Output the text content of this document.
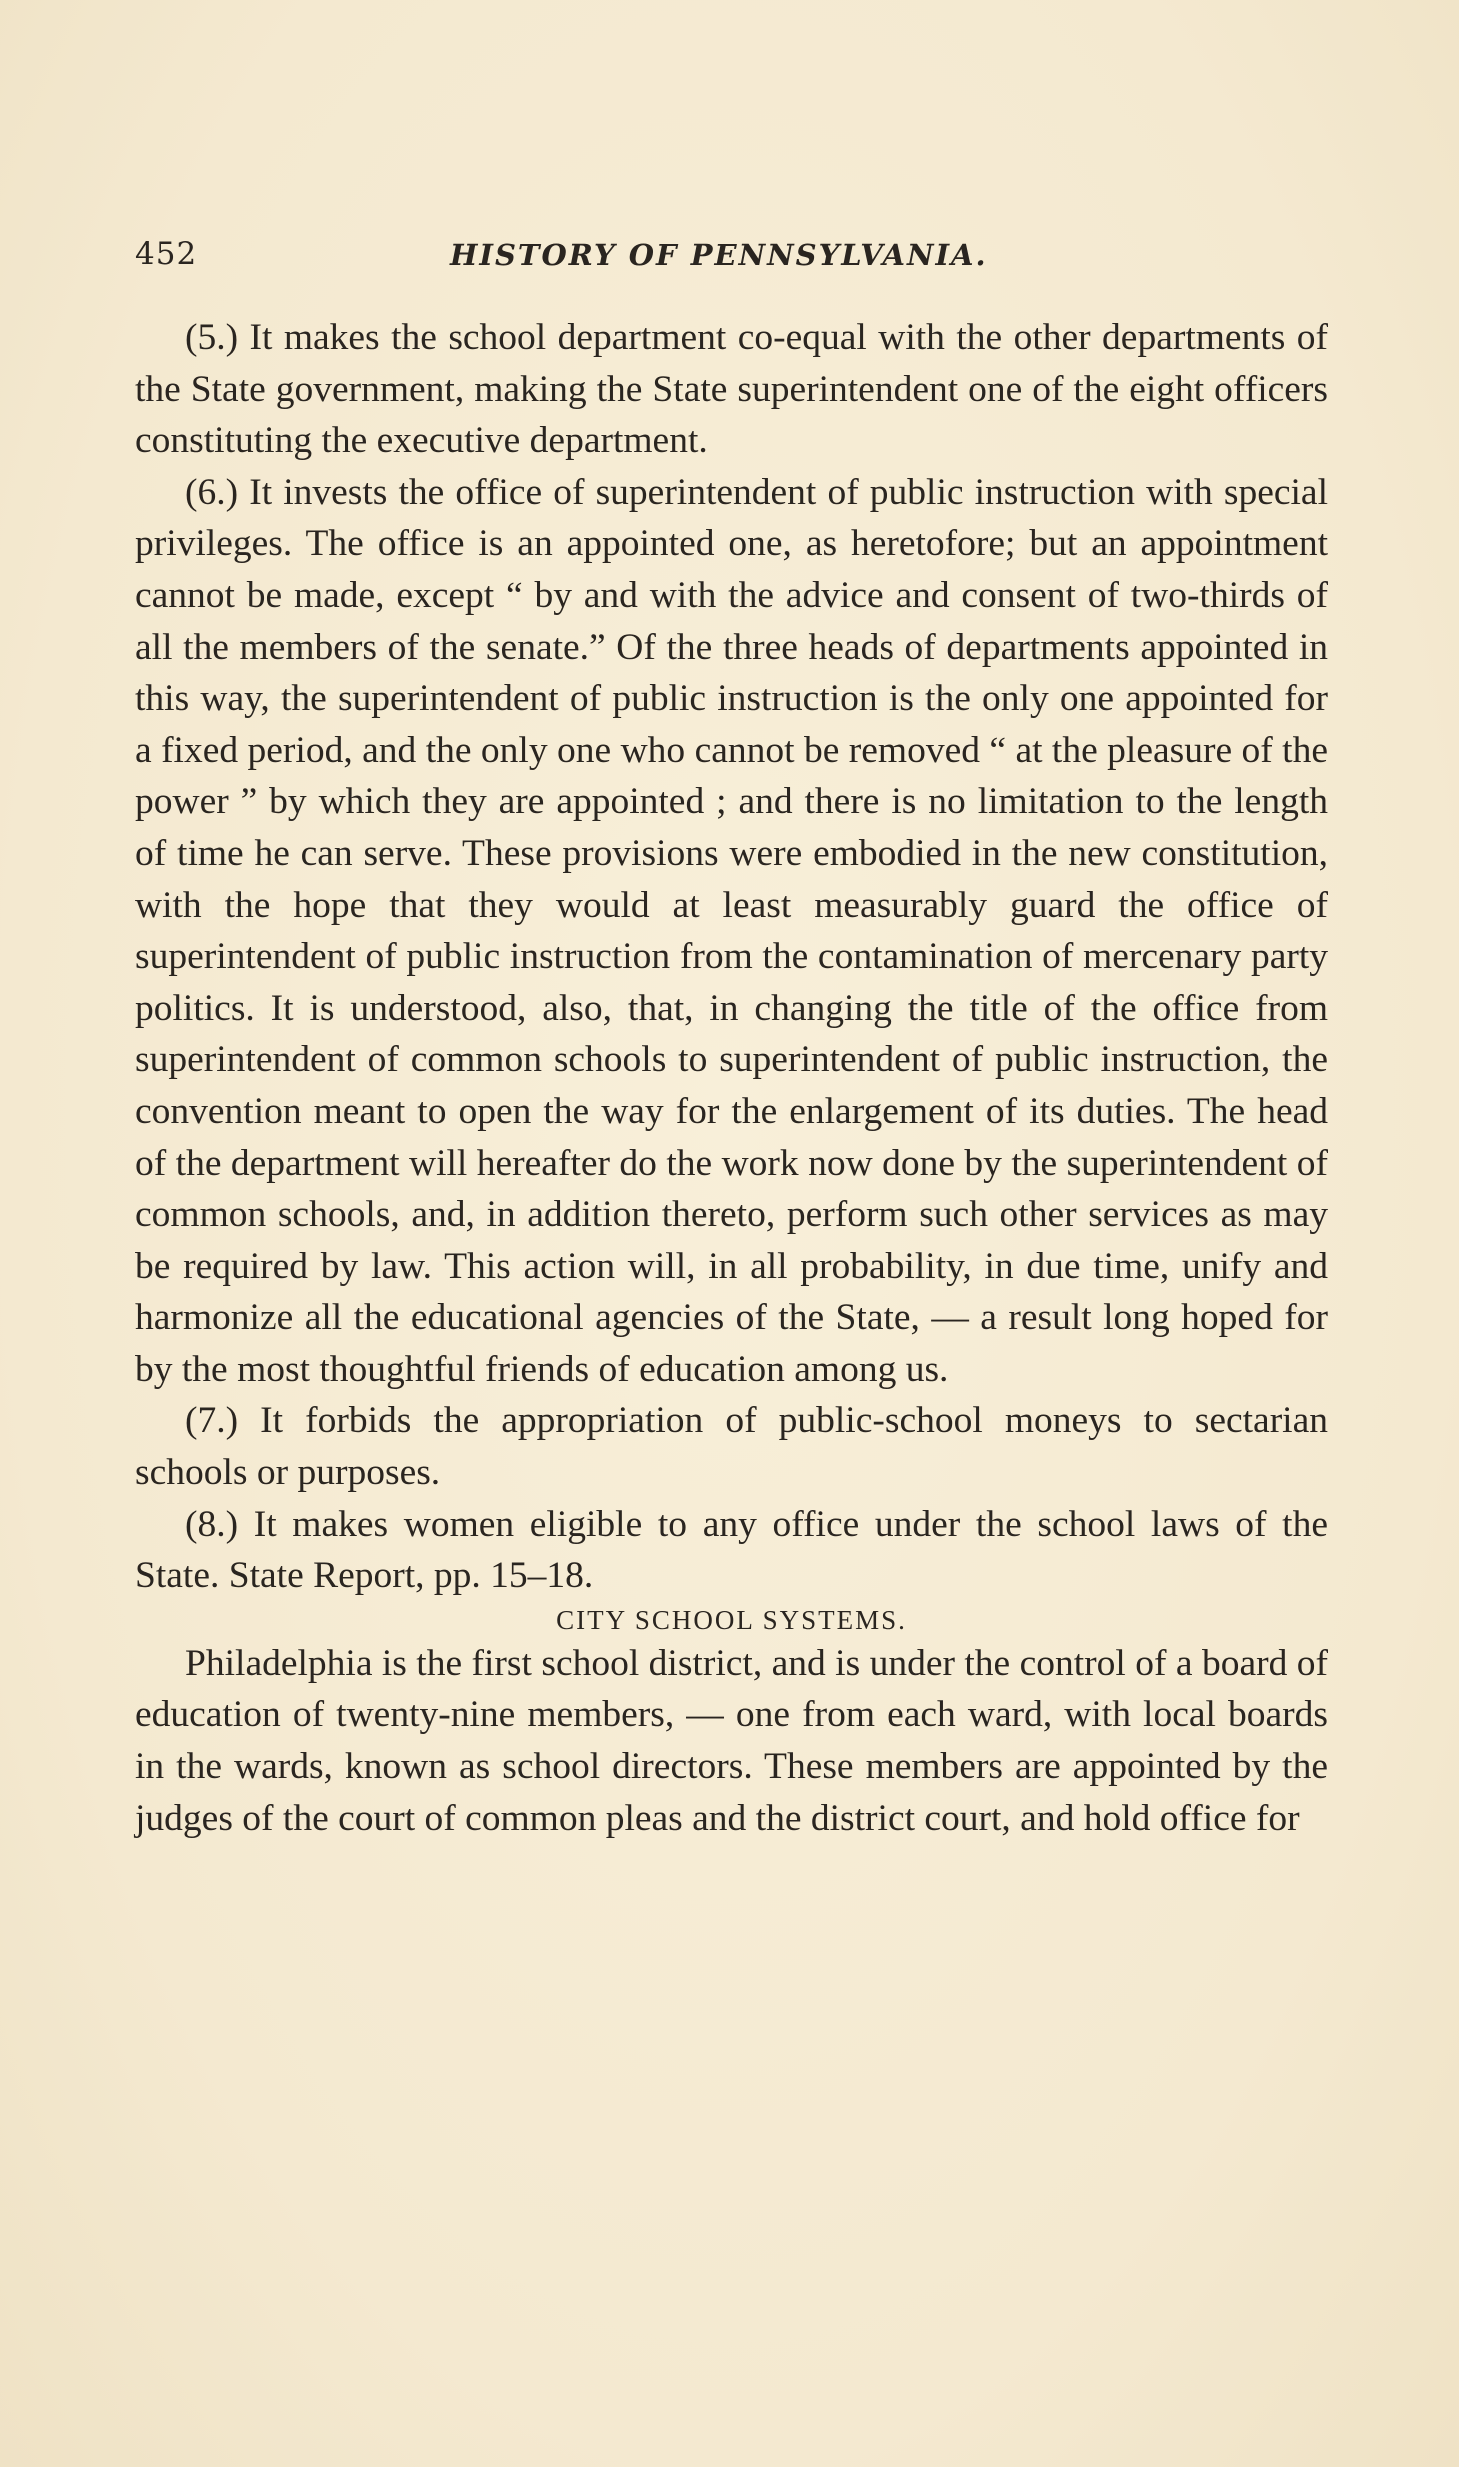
452	HISTORY OF PENNSYLVANIA.

(5.) It makes the school department co-equal with the other departments of the State government, making the State superintendent one of the eight officers constituting the executive department.

(6.) It invests the office of superintendent of public instruction with special privileges. The office is an appointed one, as heretofore; but an appointment cannot be made, except “ by and with the advice and consent of two-thirds of all the members of the senate.” Of the three heads of departments appointed in this way, the superintendent of public instruction is the only one appointed for a fixed period, and the only one who cannot be removed “ at the pleasure of the power ” by which they are appointed ; and there is no limitation to the length of time he can serve. These provisions were embodied in the new constitution, with the hope that they would at least measurably guard the office of superintendent of public instruction from the contamination of mercenary party politics. It is understood, also, that, in changing the title of the office from superintendent of common schools to superintendent of public instruction, the convention meant to open the way for the enlargement of its duties. The head of the department will hereafter do the work now done by the superintendent of common schools, and, in addition thereto, perform such other services as may be required by law. This action will, in all probability, in due time, unify and harmonize all the educational agencies of the State, — a result long hoped for by the most thoughtful friends of education among us.

(7.) It forbids the appropriation of public-school moneys to sectarian schools or purposes.

(8.) It makes women eligible to any office under the school laws of the State. State Report, pp. 15–18.

CITY SCHOOL SYSTEMS.

Philadelphia is the first school district, and is under the control of a board of education of twenty-nine members, — one from each ward, with local boards in the wards, known as school directors. These members are appointed by the judges of the court of common pleas and the district court, and hold office for
